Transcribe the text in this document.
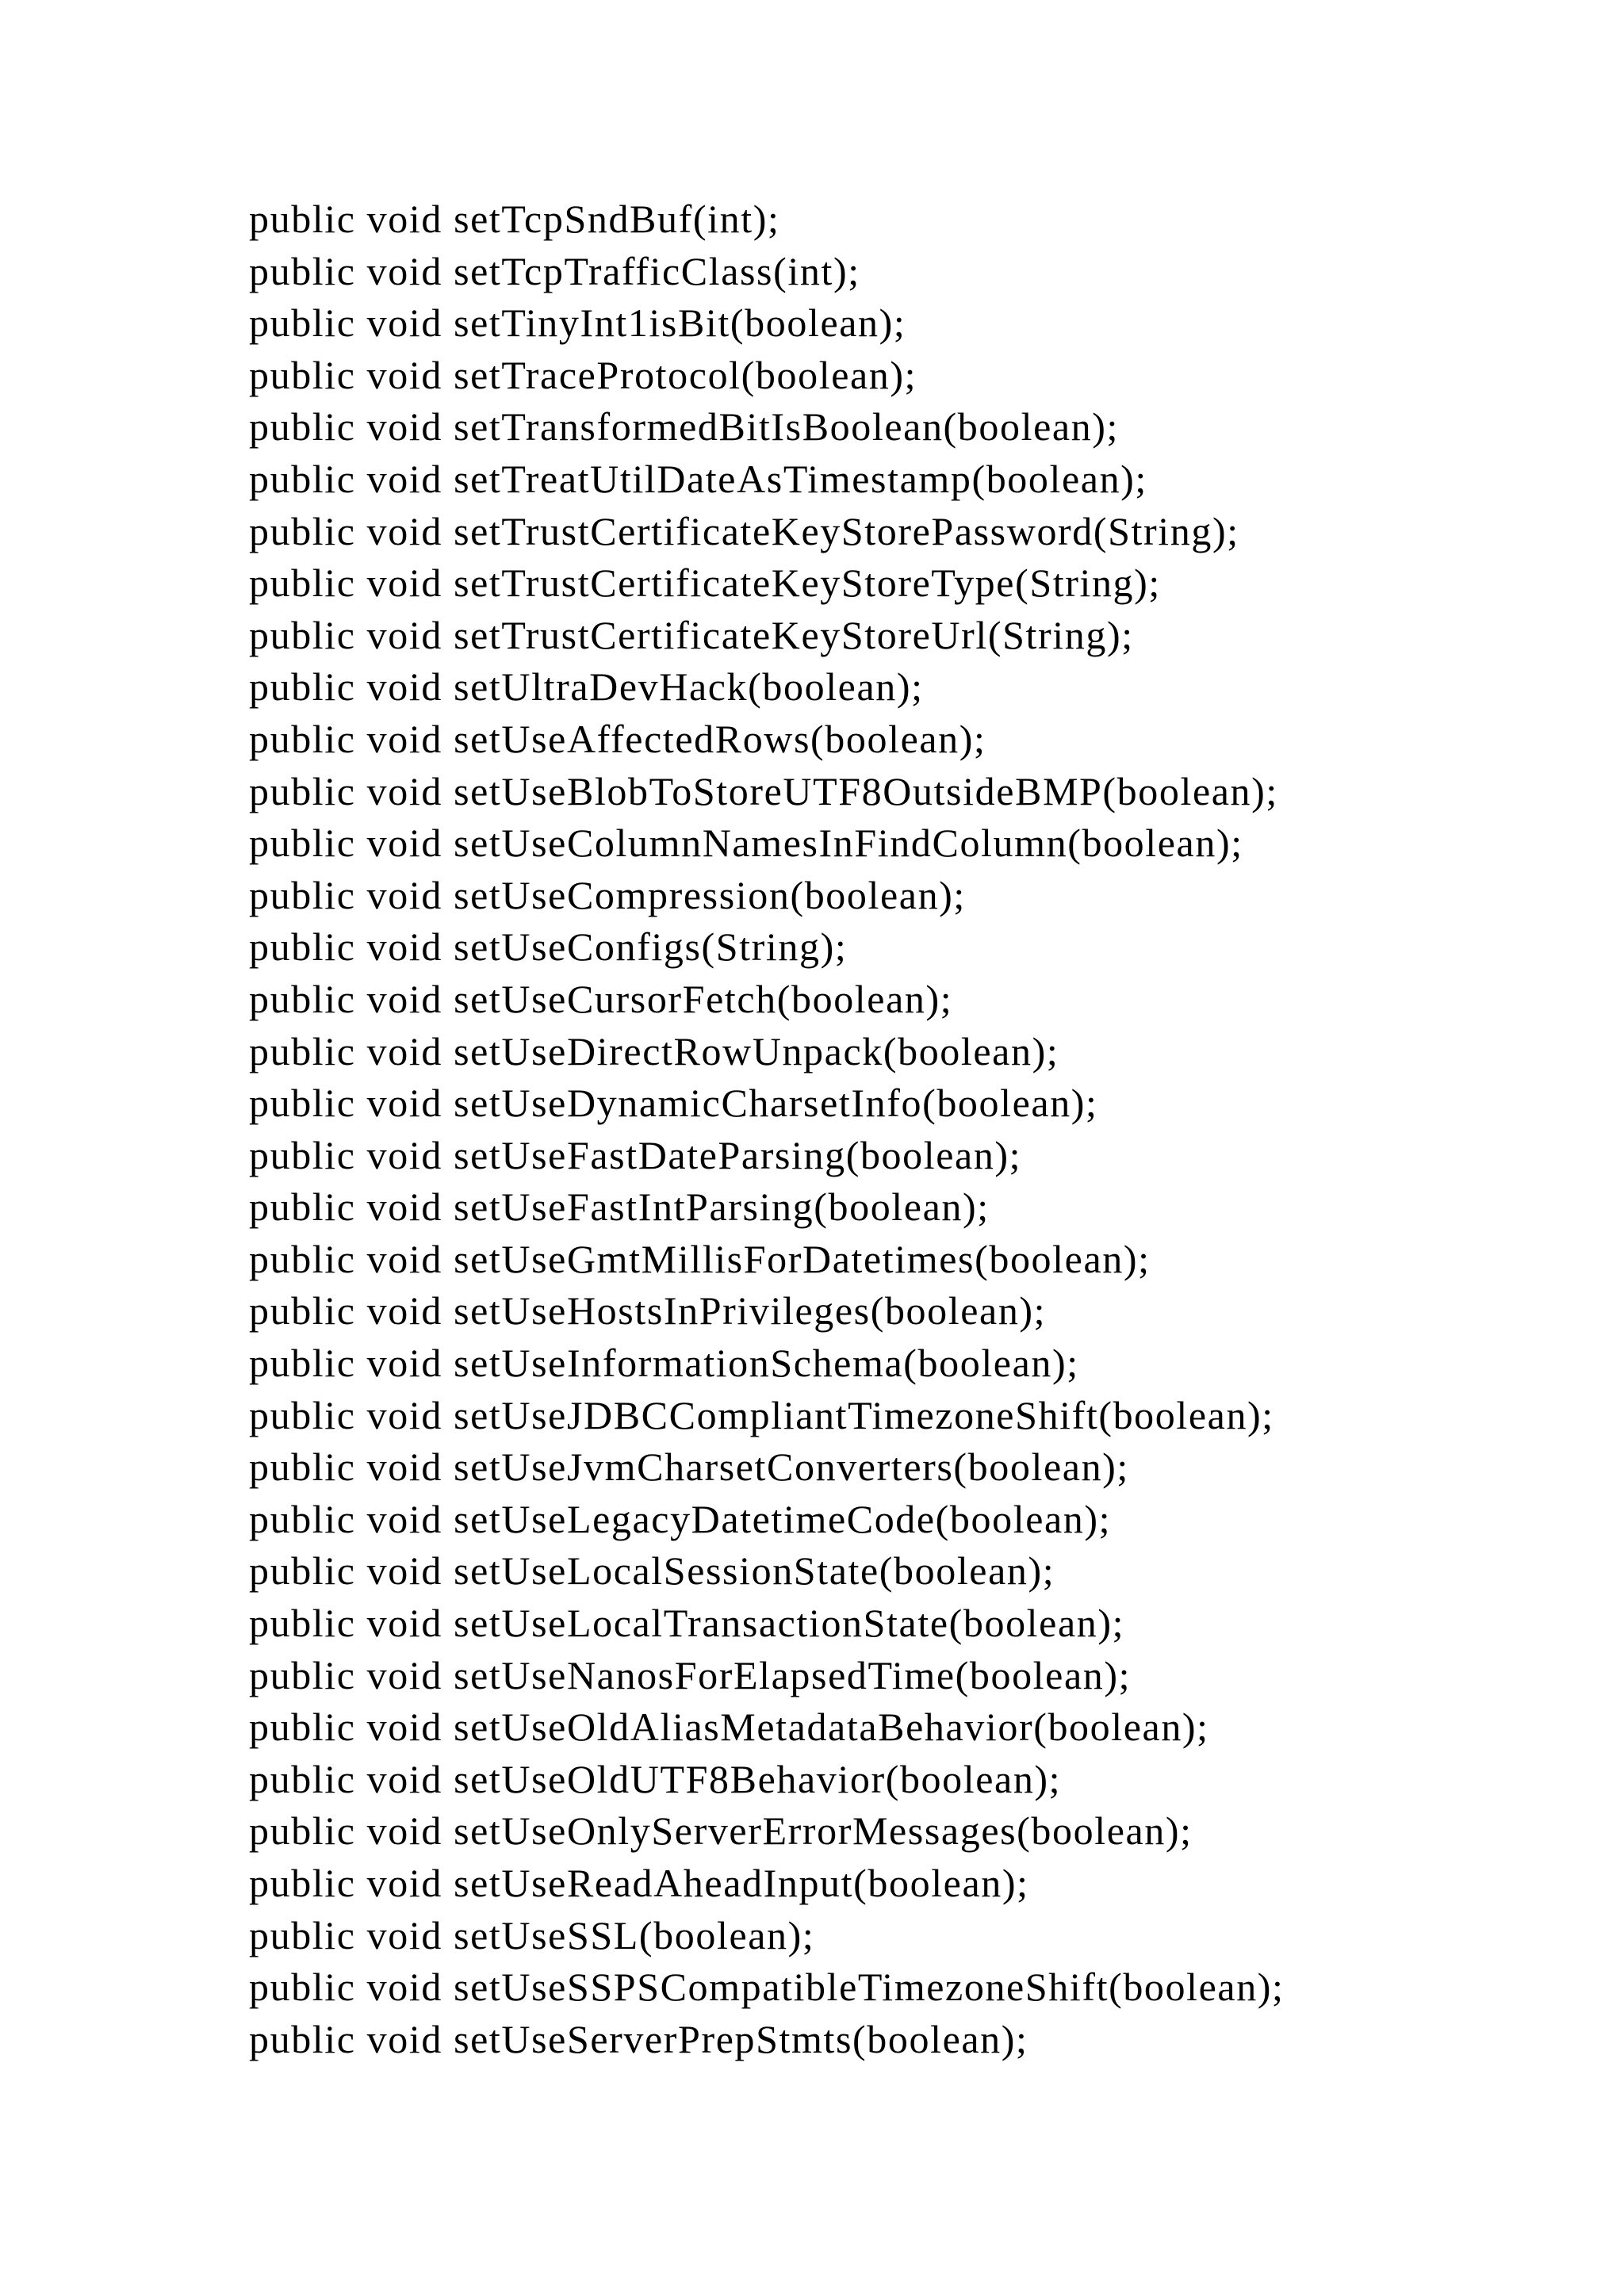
public void setTcpSndBuf(int);
public void setTcpTrafficClass(int);
public void setTinyInt1isBit(boolean);
public void setTraceProtocol(boolean);
public void setTransformedBitIsBoolean(boolean);
public void setTreatUtilDateAsTimestamp(boolean);
public void setTrustCertificateKeyStorePassword(String);
public void setTrustCertificateKeyStoreType(String);
public void setTrustCertificateKeyStoreUrl(String);
public void setUltraDevHack(boolean);
public void setUseAffectedRows(boolean);
public void setUseBlobToStoreUTF8OutsideBMP(boolean);
public void setUseColumnNamesInFindColumn(boolean);
public void setUseCompression(boolean);
public void setUseConfigs(String);
public void setUseCursorFetch(boolean);
public void setUseDirectRowUnpack(boolean);
public void setUseDynamicCharsetInfo(boolean);
public void setUseFastDateParsing(boolean);
public void setUseFastIntParsing(boolean);
public void setUseGmtMillisForDatetimes(boolean);
public void setUseHostsInPrivileges(boolean);
public void setUseInformationSchema(boolean);
public void setUseJDBCCompliantTimezoneShift(boolean);
public void setUseJvmCharsetConverters(boolean);
public void setUseLegacyDatetimeCode(boolean);
public void setUseLocalSessionState(boolean);
public void setUseLocalTransactionState(boolean);
public void setUseNanosForElapsedTime(boolean);
public void setUseOldAliasMetadataBehavior(boolean);
public void setUseOldUTF8Behavior(boolean);
public void setUseOnlyServerErrorMessages(boolean);
public void setUseReadAheadInput(boolean);
public void setUseSSL(boolean);
public void setUseSSPSCompatibleTimezoneShift(boolean);
public void setUseServerPrepStmts(boolean);
